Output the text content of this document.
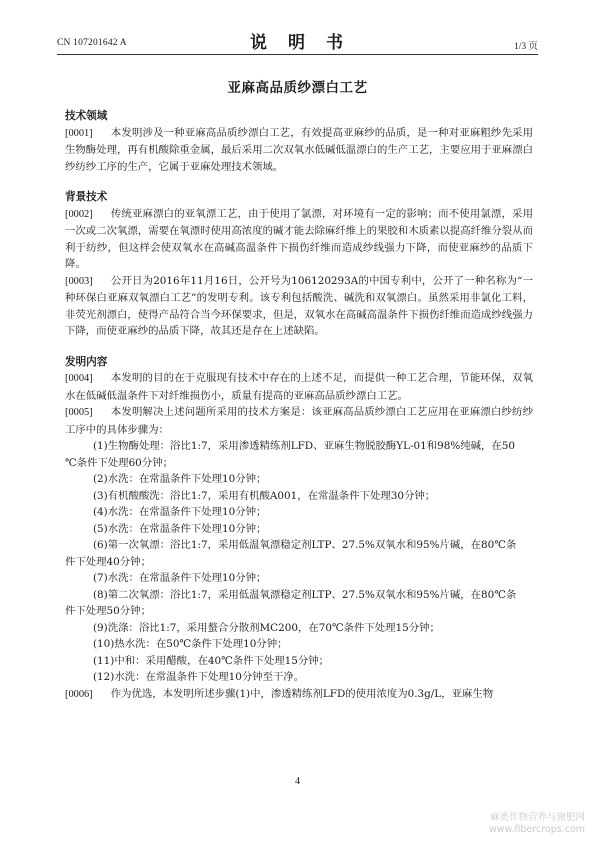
CN 107201642 A	说　明　书	1/3 页
亚麻高品质纱漂白工艺

技术领域

[0001] 本发明涉及一种亚麻高品质纱漂白工艺，有效提高亚麻纱的品质，是一种对亚麻粗纱先采用生物酶处理，再有机酸除重金属，最后采用二次双氧水低碱低温漂白的生产工艺，主要应用于亚麻漂白纱纺纱工序的生产，它属于亚麻处理技术领域。

背景技术

[0002] 传统亚麻漂白的亚氧漂工艺，由于使用了氯漂，对环境有一定的影响；而不使用氯漂，采用一次或二次氧漂，需要在氧漂时使用高浓度的碱才能去除麻纤维上的果胶和木质素以提高纤维分裂从而利于纺纱，但这样会使双氧水在高碱高温条件下损伤纤维而造成纱线强力下降，而使亚麻纱的品质下降。

[0003] 公开日为2016年11月16日，公开号为106120293A的中国专利中，公开了一种名称为“一种环保白亚麻双氧漂白工艺”的发明专利。该专利包括酸洗、碱洗和双氧漂白。虽然采用非氯化工料，非荧光剂漂白，使得产品符合当今环保要求，但是，双氧水在高碱高温条件下损伤纤维而造成纱线强力下降，而使亚麻纱的品质下降，故其还是存在上述缺陷。

发明内容

[0004] 本发明的目的在于克服现有技术中存在的上述不足，而提供一种工艺合理，节能环保，双氧水在低碱低温条件下对纤维损伤小，质量有提高的亚麻高品质纱漂白工艺。

[0005] 本发明解决上述问题所采用的技术方案是：该亚麻高品质纱漂白工艺应用在亚麻漂白纱纺纱工序中的具体步骤为：

(1)生物酶处理：浴比1:7，采用渗透精练剂LFD、亚麻生物脱胶酶YL-01和98%纯碱，在50

℃条件下处理60分钟；

(2)水洗：在常温条件下处理10分钟；

(3)有机酸酸洗：浴比1:7，采用有机酸A001，在常温条件下处理30分钟；

(4)水洗：在常温条件下处理10分钟；

(5)水洗：在常温条件下处理10分钟；

(6)第一次氧漂：浴比1:7，采用低温氧漂稳定剂LTP、27.5%双氧水和95%片碱，在80℃条

件下处理40分钟；

(7)水洗：在常温条件下处理10分钟；

(8)第二次氧漂：浴比1:7，采用低温氧漂稳定剂LTP、27.5%双氧水和95%片碱，在80℃条

件下处理50分钟；

(9)洗涤：浴比1:7，采用螯合分散剂MC200，在70℃条件下处理15分钟；

(10)热水洗：在50℃条件下处理10分钟；

(11)中和：采用醋酸，在40℃条件下处理15分钟；

(12)水洗：在常温条件下处理10分钟至干净。

[0006] 作为优选，本发明所述步骤(1)中，渗透精练剂LFD的使用浓度为0.3g/L，亚麻生物

4
麻类作物营养与施肥网
www.fibercrops.com
